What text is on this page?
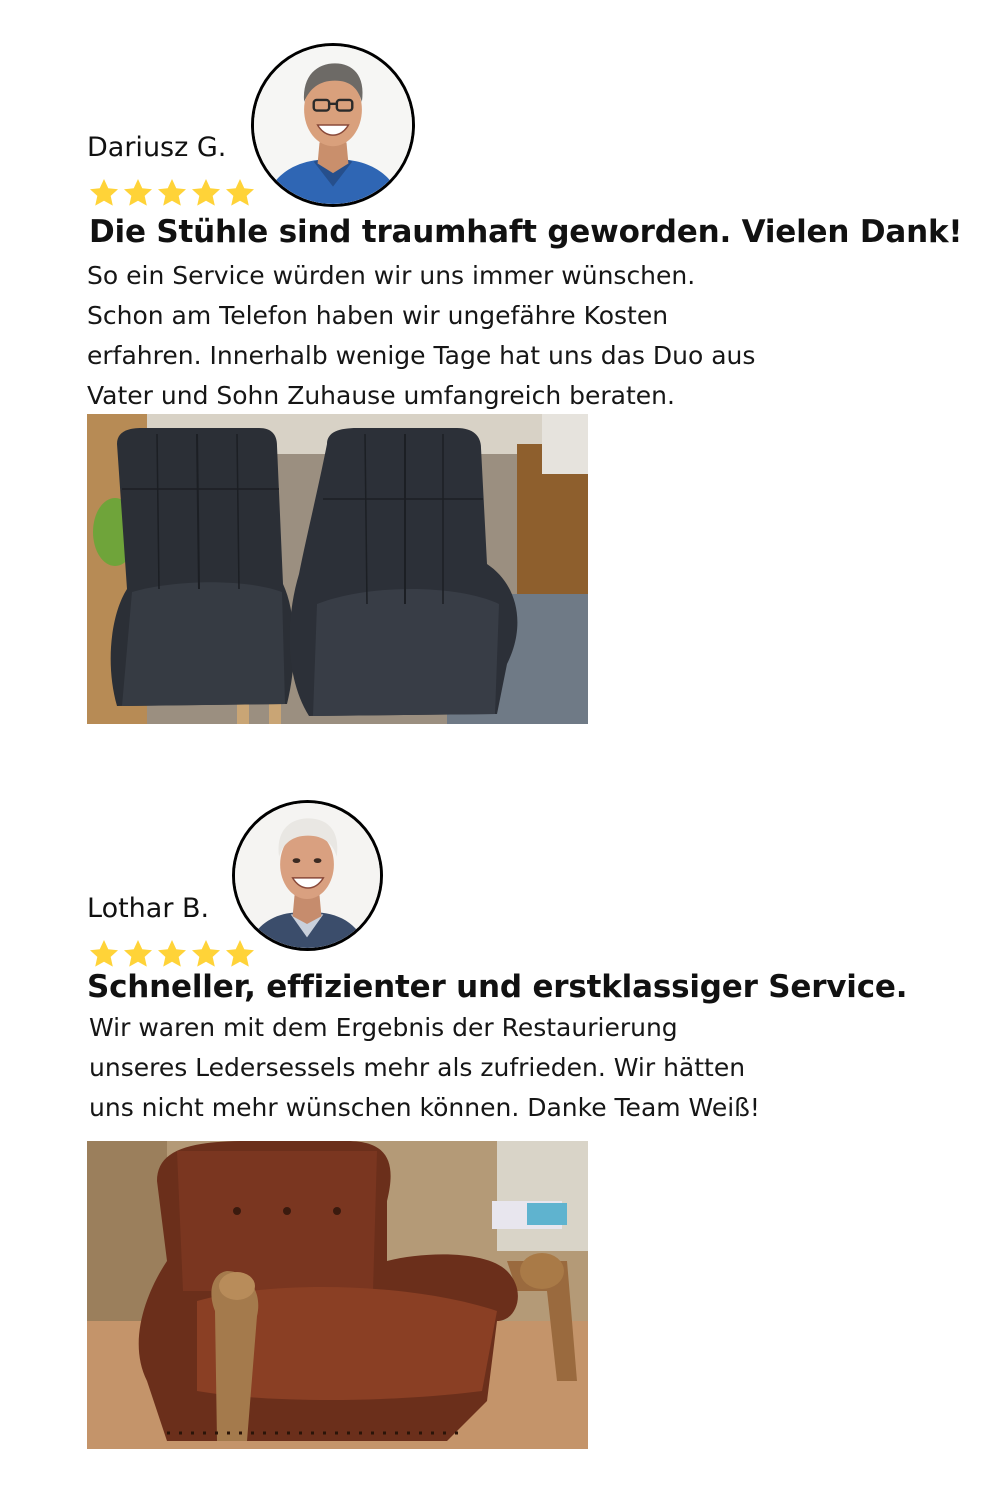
Dariusz G.
Die Stühle sind traumhaft geworden. Vielen Dank!
So ein Service würden wir uns immer wünschen.
Schon am Telefon haben wir ungefähre Kosten
erfahren. Innerhalb wenige Tage hat uns das Duo aus
Vater und Sohn Zuhause umfangreich beraten.
Lothar B.
Schneller, effizienter und erstklassiger Service.
Wir waren mit dem Ergebnis der Restaurierung
unseres Ledersessels mehr als zufrieden. Wir hätten
uns nicht mehr wünschen können. Danke Team Weiß!
